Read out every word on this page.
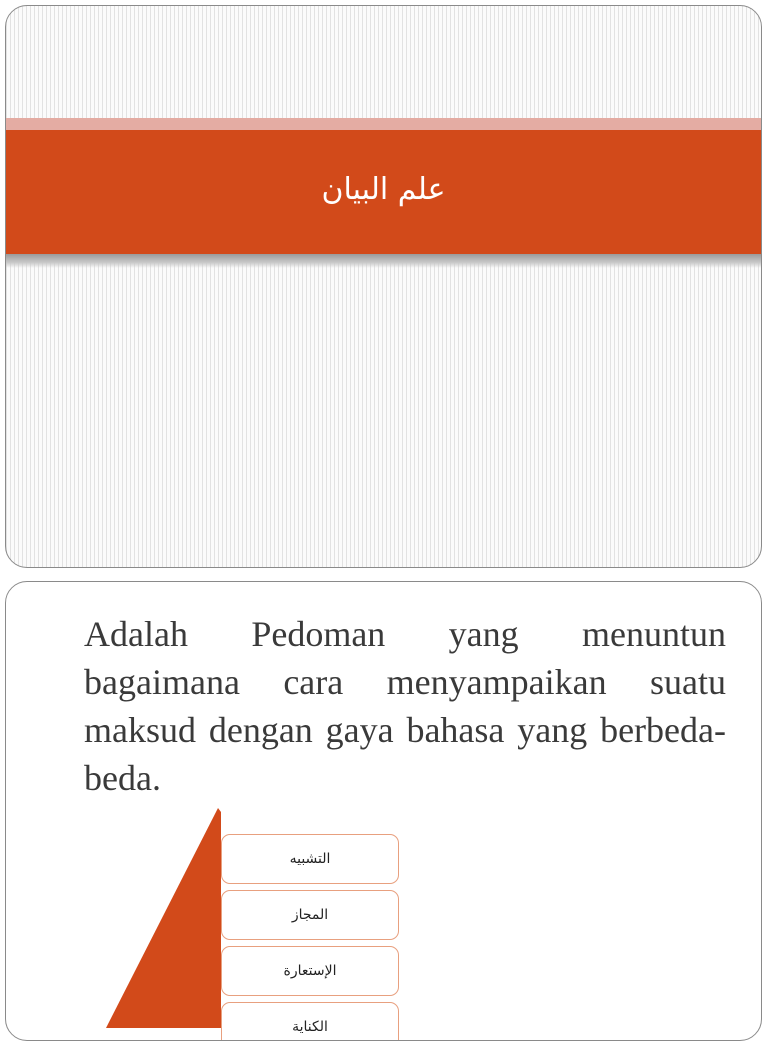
علم البيان

Adalah Pedoman yang menuntun bagaimana cara menyampaikan suatu maksud dengan gaya bahasa yang berbeda-beda.

التشبيه
المجاز
الإستعارة
الكناية
